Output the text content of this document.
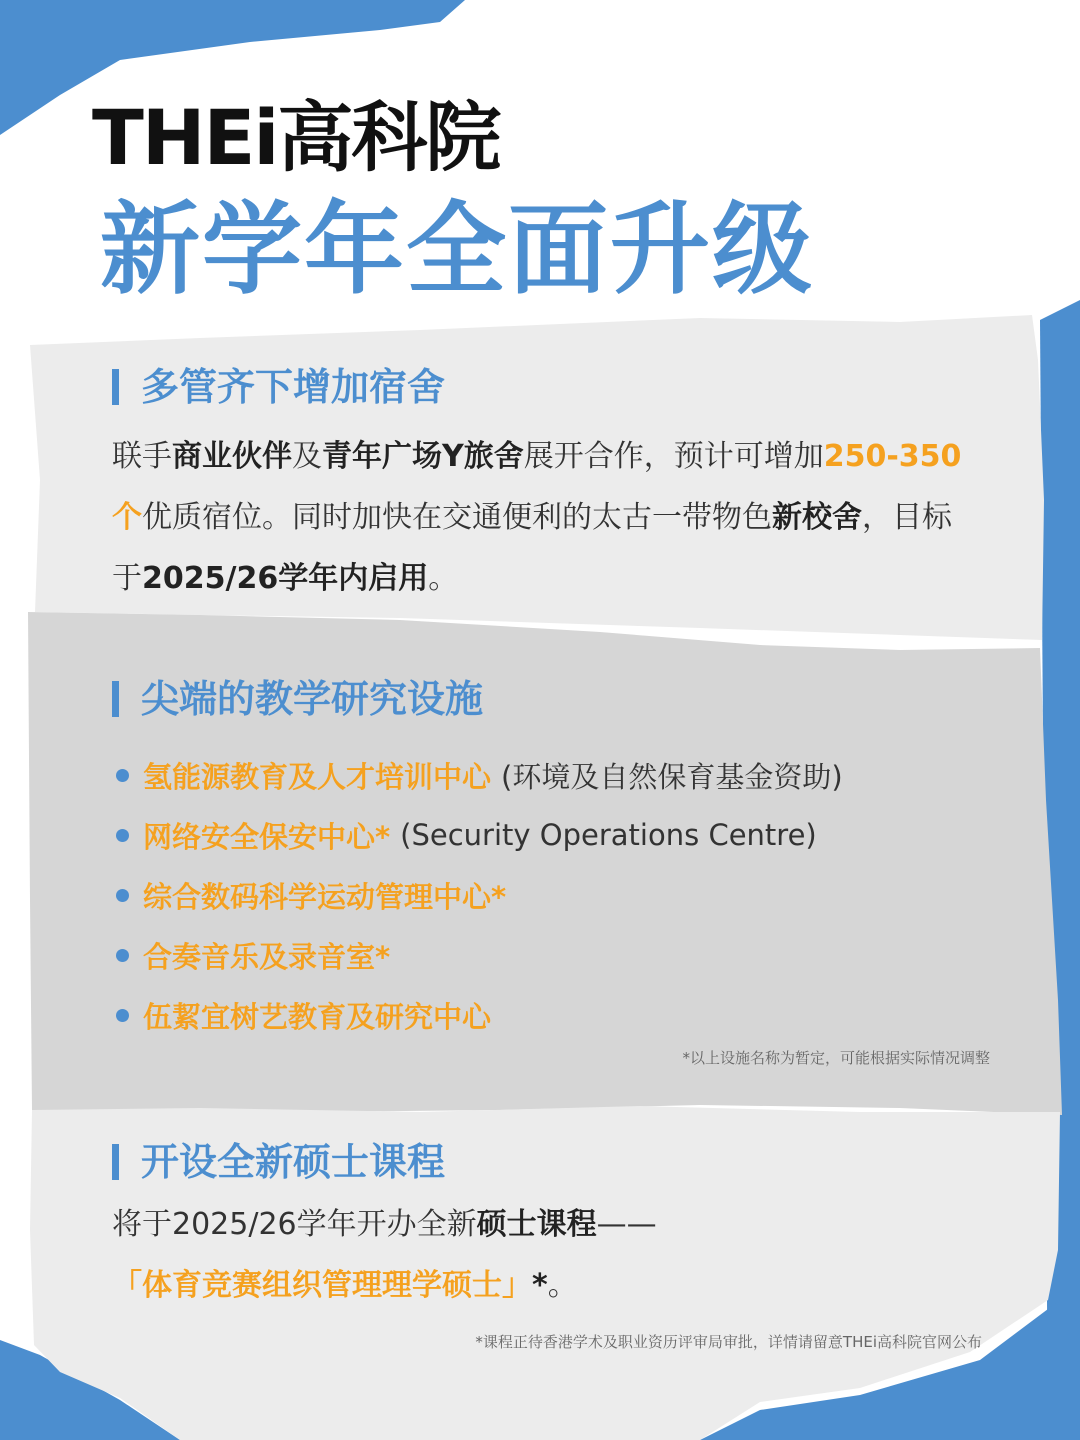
THEi高科院
新学年全面升级
多管齐下增加宿舍
联手商业伙伴及青年广场Y旅舍展开合作，预计可增加250-350个优质宿位。同时加快在交通便利的太古一带物色新校舍，目标于2025/26学年内启用。
尖端的教学研究设施
氢能源教育及人才培训中心 (环境及自然保育基金资助)
网络安全保安中心* (Security Operations Centre)
综合数码科学运动管理中心*
合奏音乐及录音室*
伍絜宜树艺教育及研究中心
*以上设施名称为暂定，可能根据实际情况调整
开设全新硕士课程
将于2025/26学年开办全新硕士课程——
「体育竞赛组织管理理学硕士」*。
*课程正待香港学术及职业资历评审局审批，详情请留意THEi高科院官网公布
